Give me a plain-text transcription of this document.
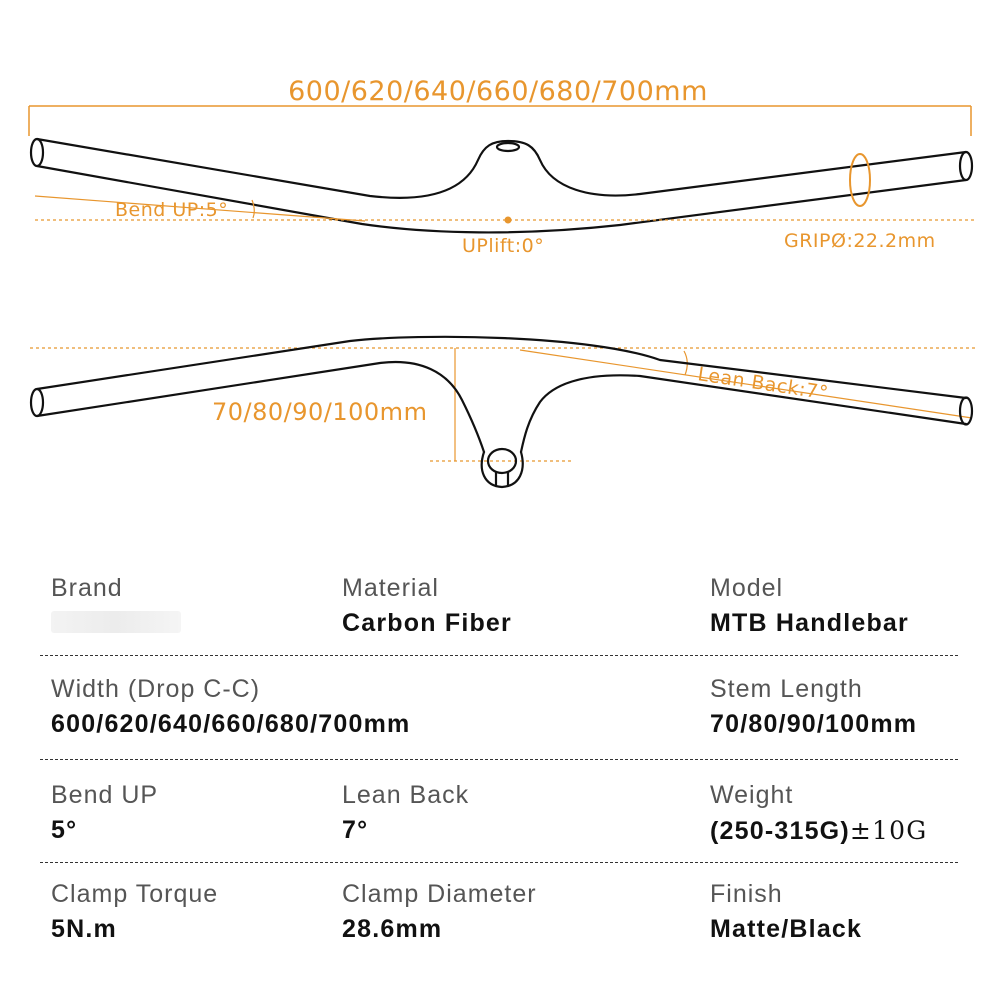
600/620/640/660/680/700mm
Bend UP:5°
UPlift:0°	GRIPØ:22.2mm
70/80/90/100mm
Lean Back:7°
Brand	Material
Carbon Fiber
Model
MTB Handlebar
Width (Drop C-C)
600/620/640/660/680/700mm
Stem Length
70/80/90/100mm
Bend UP
5°
Lean Back
7°
Weight
(250-315G)±10G
Clamp Torque
5N.m
Clamp Diameter
28.6mm
Finish
Matte/Black
